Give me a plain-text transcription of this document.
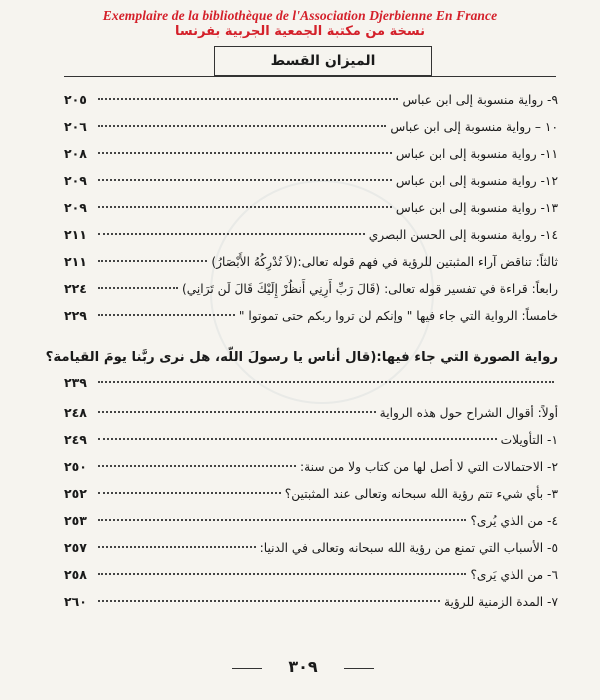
Exemplaire de la bibliothèque de l'Association Djerbienne En France
نسخة من مكتبة الجمعية الجربية بفرنسا
الميزان القسط
٩- رواية منسوبة إلى ابن عباس
٢٠٥
١٠ – رواية منسوبة إلى ابن عباس
٢٠٦
١١- رواية منسوبة إلى ابن عباس
٢٠٨
١٢- رواية منسوبة إلى ابن عباس
٢٠٩
١٣- رواية منسوبة إلى ابن عباس
٢٠٩
١٤- رواية منسوبة إلى الحسن البصري
٢١١
ثالثاً: تناقض آراء المثبتين للرؤية في فهم قوله تعالى:(لاَ تُدْرِكُهُ الأَبْصَارُ)
٢١١
رابعاً: قراءة في تفسير قوله تعالى: (قَالَ رَبِّ أَرِنِي أَنظُرْ إِلَيْكَ قَالَ لَن تَرَانِي)
٢٢٤
خامساً: الرواية التي جاء فيها " وإنكم لن تروا ربكم حتى تموتوا "
٢٢٩
رواية الصورة التي جاء فيها:(قال أناس يا رسولَ اللّه، هل نرى ربَّنا يومَ القيامة؟
٢٣٩
أولاً: أقوال الشراح حول هذه الرواية
٢٤٨
١- التأويلات
٢٤٩
٢- الاحتمالات التي لا أصل لها من كتاب ولا من سنة:
٢٥٠
٣- بأي شيء تتم رؤية الله سبحانه وتعالى عند المثبتين؟
٢٥٢
٤- من الذي يُرى؟
٢٥٣
٥- الأسباب التي تمنع من رؤية الله سبحانه وتعالى في الدنيا:
٢٥٧
٦- من الذي يَرى؟
٢٥٨
٧- المدة الزمنية للرؤية
٢٦٠
٣٠٩
